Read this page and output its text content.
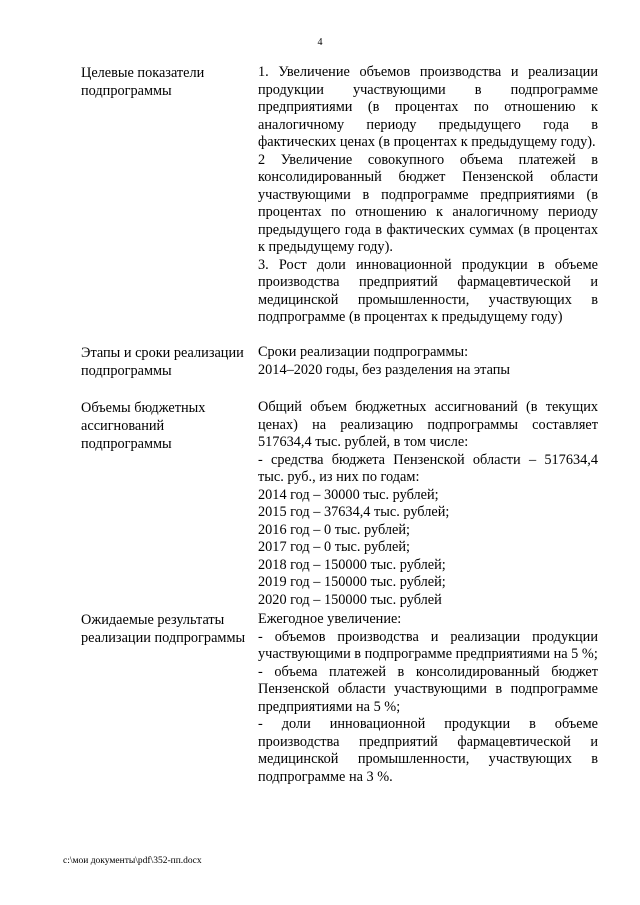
4
Целевые показатели подпрограммы

1. Увеличение объемов производства и реализации продукции участвующими в подпрограмме предприятиями (в процентах по отношению к аналогичному периоду предыдущего года в фактических ценах (в процентах к предыдущему году).

2 Увеличение совокупного объема платежей в консолидированный бюджет Пензенской области участвующими в подпрограмме предприятиями (в процентах по отношению к аналогичному периоду предыдущего года в фактических суммах (в процентах к предыдущему году).

3. Рост доли инновационной продукции в объеме производства предприятий фармацевтической и медицинской промышленности, участвующих в подпрограмме (в процентах к предыдущему году)

Этапы и сроки реализации подпрограммы

Сроки реализации подпрограммы:

2014–2020 годы, без разделения на этапы

Объемы бюджетных ассигнований подпрограммы

Общий объем бюджетных ассигнований (в текущих ценах) на реализацию подпрограммы составляет 517634,4 тыс. рублей, в том числе:

- средства бюджета Пензенской области – 517634,4 тыс. руб., из них по годам:

2014 год – 30000 тыс. рублей;

2015 год – 37634,4 тыс. рублей;

2016 год – 0 тыс. рублей;

2017 год – 0 тыс. рублей;

2018 год – 150000 тыс. рублей;

2019 год – 150000 тыс. рублей;

2020 год – 150000 тыс. рублей

Ожидаемые результаты реализации подпрограммы

Ежегодное увеличение:

- объемов производства и реализации продукции участвующими в подпрограмме предприятиями на 5 %;

- объема платежей в консолидированный бюджет Пензенской области участвующими в подпрограмме предприятиями на 5 %;

- доли инновационной продукции в объеме производства предприятий фармацевтической и медицинской промышленности, участвующих в подпрограмме на 3 %.

c:\мои документы\pdf\352-пп.docx
